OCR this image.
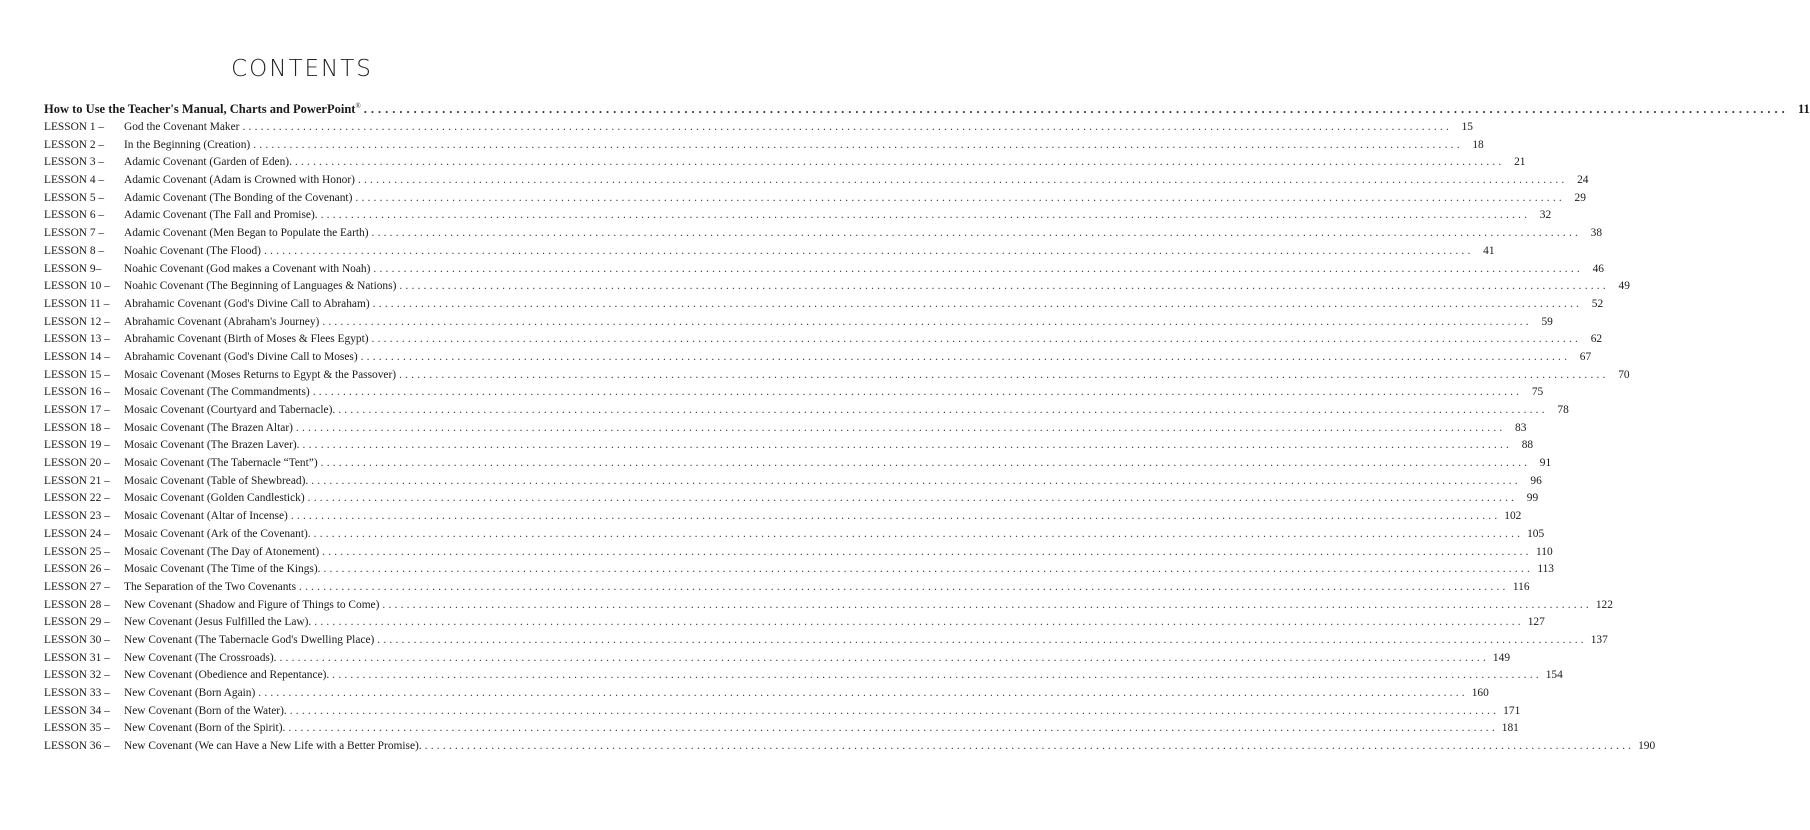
CONTENTS
How to Use the Teacher's Manual, Charts and PowerPoint® ........................................................................................................................................................................................................ 11
LESSON 1 –	God the Covenant Maker ........................................................................................................................................................................................................ 15
LESSON 2 –	In the Beginning (Creation) ........................................................................................................................................................................................................ 18
LESSON 3 –	Adamic Covenant (Garden of Eden). ........................................................................................................................................................................................................ 21
LESSON 4 –	Adamic Covenant (Adam is Crowned with Honor) ........................................................................................................................................................................................................ 24
LESSON 5 –	Adamic Covenant (The Bonding of the Covenant) ........................................................................................................................................................................................................ 29
LESSON 6 –	Adamic Covenant (The Fall and Promise). ........................................................................................................................................................................................................ 32
LESSON 7 –	Adamic Covenant (Men Began to Populate the Earth) ........................................................................................................................................................................................................ 38
LESSON 8 –	Noahic Covenant (The Flood) ........................................................................................................................................................................................................ 41
LESSON 9–	Noahic Covenant (God makes a Covenant with Noah) ........................................................................................................................................................................................................ 46
LESSON 10 –	Noahic Covenant (The Beginning of Languages & Nations) ........................................................................................................................................................................................................ 49
LESSON 11 –	Abrahamic Covenant (God's Divine Call to Abraham) ........................................................................................................................................................................................................ 52
LESSON 12 –	Abrahamic Covenant (Abraham's Journey) ........................................................................................................................................................................................................ 59
LESSON 13 –	Abrahamic Covenant (Birth of Moses & Flees Egypt) ........................................................................................................................................................................................................ 62
LESSON 14 –	Abrahamic Covenant (God's Divine Call to Moses) ........................................................................................................................................................................................................ 67
LESSON 15 –	Mosaic Covenant (Moses Returns to Egypt & the Passover) ........................................................................................................................................................................................................ 70
LESSON 16 –	Mosaic Covenant (The Commandments) ........................................................................................................................................................................................................ 75
LESSON 17 –	Mosaic Covenant (Courtyard and Tabernacle). ........................................................................................................................................................................................................ 78
LESSON 18 –	Mosaic Covenant (The Brazen Altar) ........................................................................................................................................................................................................ 83
LESSON 19 –	Mosaic Covenant (The Brazen Laver). ........................................................................................................................................................................................................ 88
LESSON 20 –	Mosaic Covenant (The Tabernacle “Tent”) ........................................................................................................................................................................................................ 91
LESSON 21 –	Mosaic Covenant (Table of Shewbread). ........................................................................................................................................................................................................ 96
LESSON 22 –	Mosaic Covenant (Golden Candlestick) ........................................................................................................................................................................................................ 99
LESSON 23 –	Mosaic Covenant (Altar of Incense) ........................................................................................................................................................................................................ 102
LESSON 24 –	Mosaic Covenant (Ark of the Covenant). ........................................................................................................................................................................................................ 105
LESSON 25 –	Mosaic Covenant (The Day of Atonement) ........................................................................................................................................................................................................ 110
LESSON 26 –	Mosaic Covenant (The Time of the Kings). ........................................................................................................................................................................................................ 113
LESSON 27 –	The Separation of the Two Covenants ........................................................................................................................................................................................................ 116
LESSON 28 –	New Covenant (Shadow and Figure of Things to Come) ........................................................................................................................................................................................................ 122
LESSON 29 –	New Covenant (Jesus Fulfilled the Law). ........................................................................................................................................................................................................ 127
LESSON 30 –	New Covenant (The Tabernacle God's Dwelling Place) ........................................................................................................................................................................................................ 137
LESSON 31 –	New Covenant (The Crossroads). ........................................................................................................................................................................................................ 149
LESSON 32 –	New Covenant (Obedience and Repentance). ........................................................................................................................................................................................................ 154
LESSON 33 –	New Covenant (Born Again) ........................................................................................................................................................................................................ 160
LESSON 34 –	New Covenant (Born of the Water). ........................................................................................................................................................................................................ 171
LESSON 35 –	New Covenant (Born of the Spirit). ........................................................................................................................................................................................................ 181
LESSON 36 –	New Covenant (We can Have a New Life with a Better Promise). ........................................................................................................................................................................................................ 190
